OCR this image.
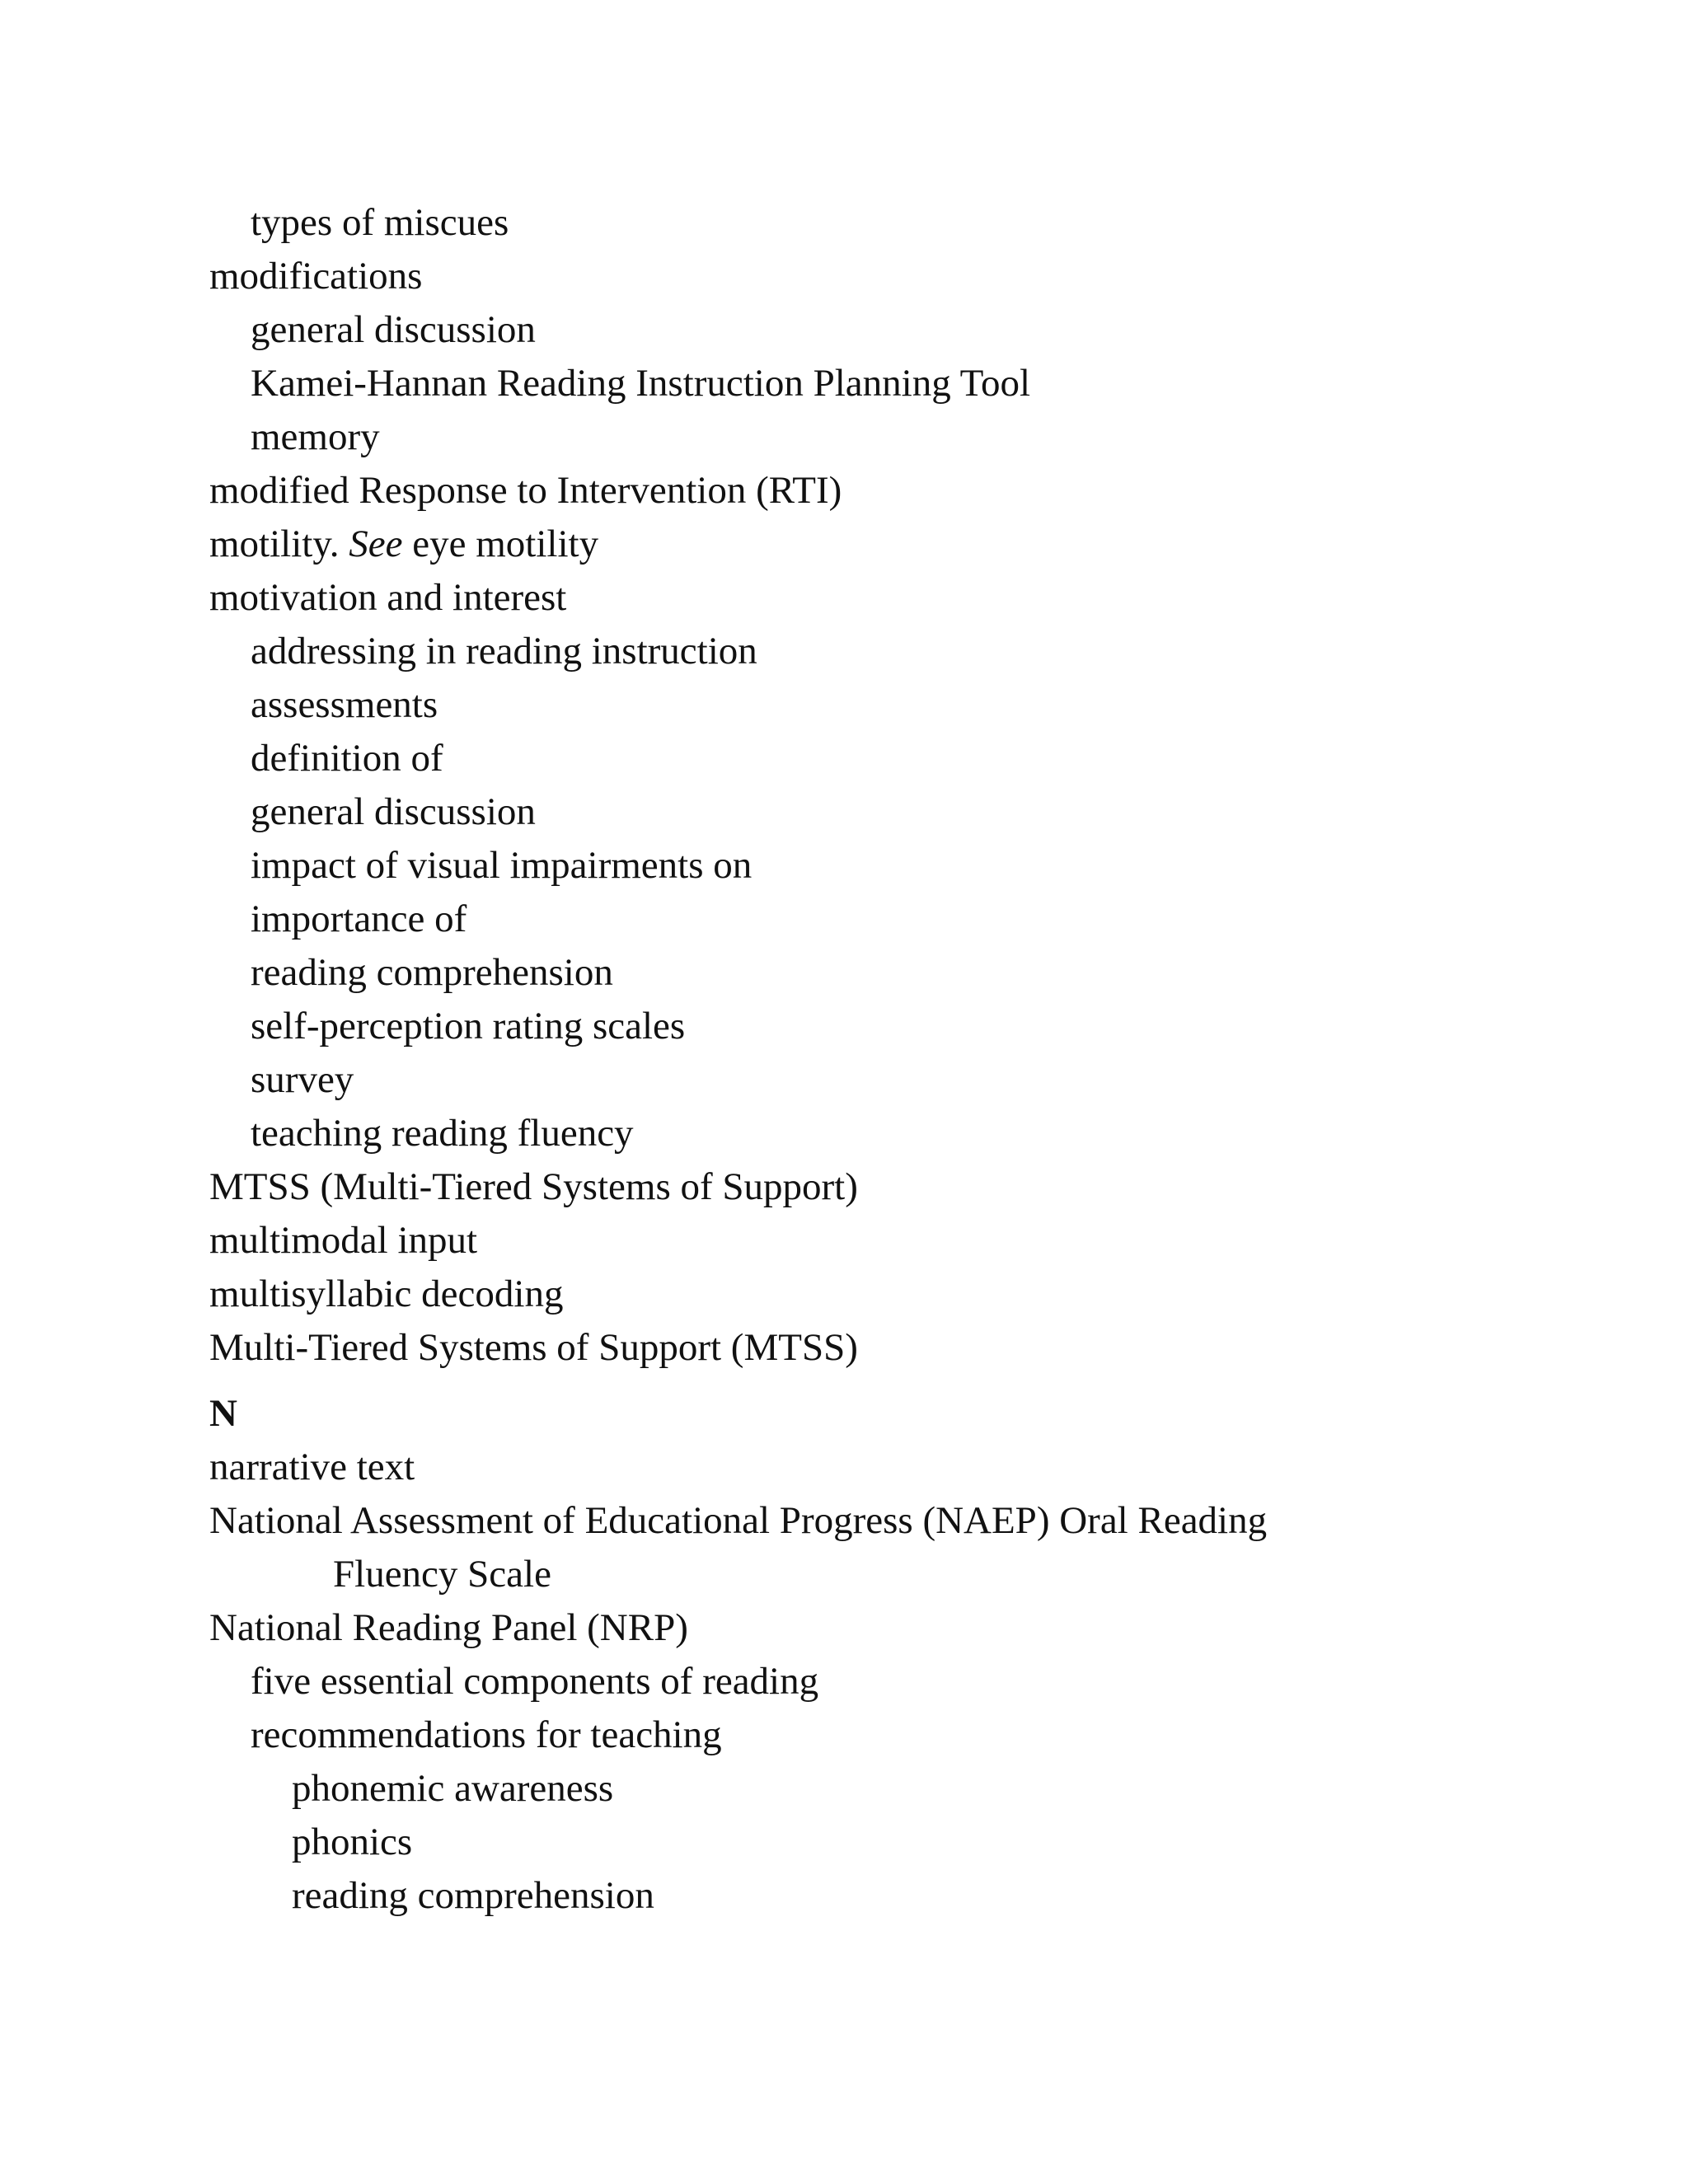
types of miscues
modifications
general discussion
Kamei-Hannan Reading Instruction Planning Tool
memory
modified Response to Intervention (RTI)
motility. See eye motility
motivation and interest
addressing in reading instruction
assessments
definition of
general discussion
impact of visual impairments on
importance of
reading comprehension
self-perception rating scales
survey
teaching reading fluency
MTSS (Multi-Tiered Systems of Support)
multimodal input
multisyllabic decoding
Multi-Tiered Systems of Support (MTSS)
N
narrative text
National Assessment of Educational Progress (NAEP) Oral Reading
Fluency Scale
National Reading Panel (NRP)
five essential components of reading
recommendations for teaching
phonemic awareness
phonics
reading comprehension
